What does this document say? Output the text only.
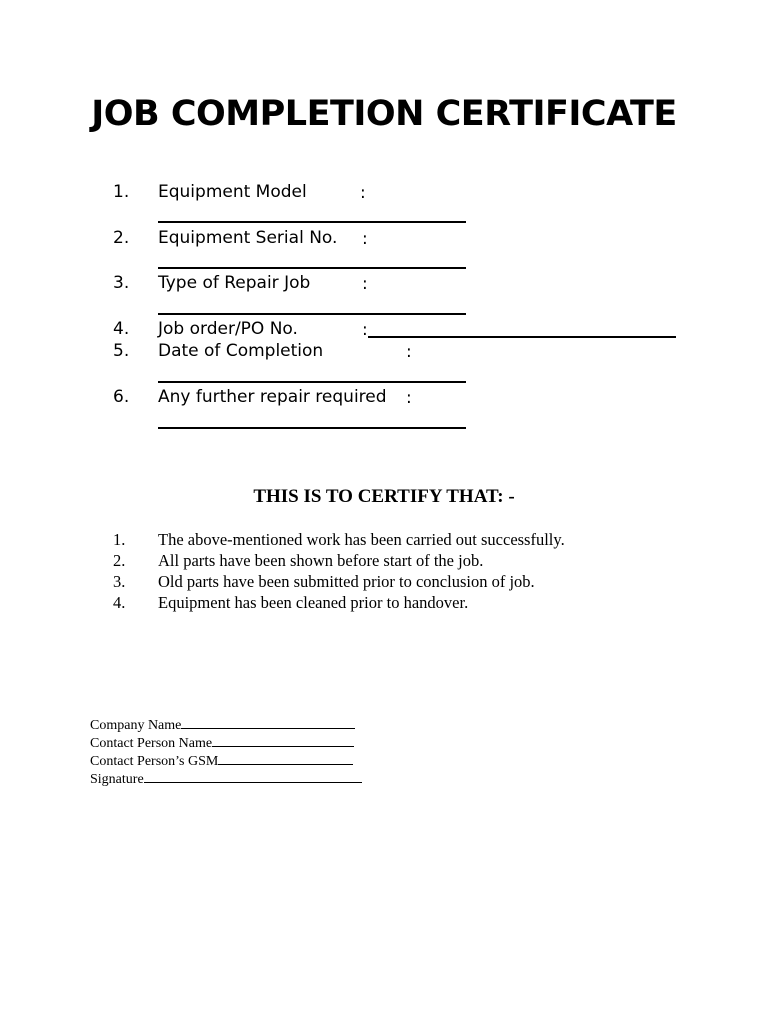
JOB COMPLETION CERTIFICATE
1. Equipment Model	:
2. Equipment Serial No. :
3. Type of Repair Job	:
4. Job order/PO No.	:
5. Date of Completion	:
6. Any further repair required :
THIS IS TO CERTIFY THAT: -
1. The above-mentioned work has been carried out successfully.
2. All parts have been shown before start of the job.
3. Old parts have been submitted prior to conclusion of job.
4. Equipment has been cleaned prior to handover.
Company Name
Contact Person Name
Contact Person’s GSM
Signature
